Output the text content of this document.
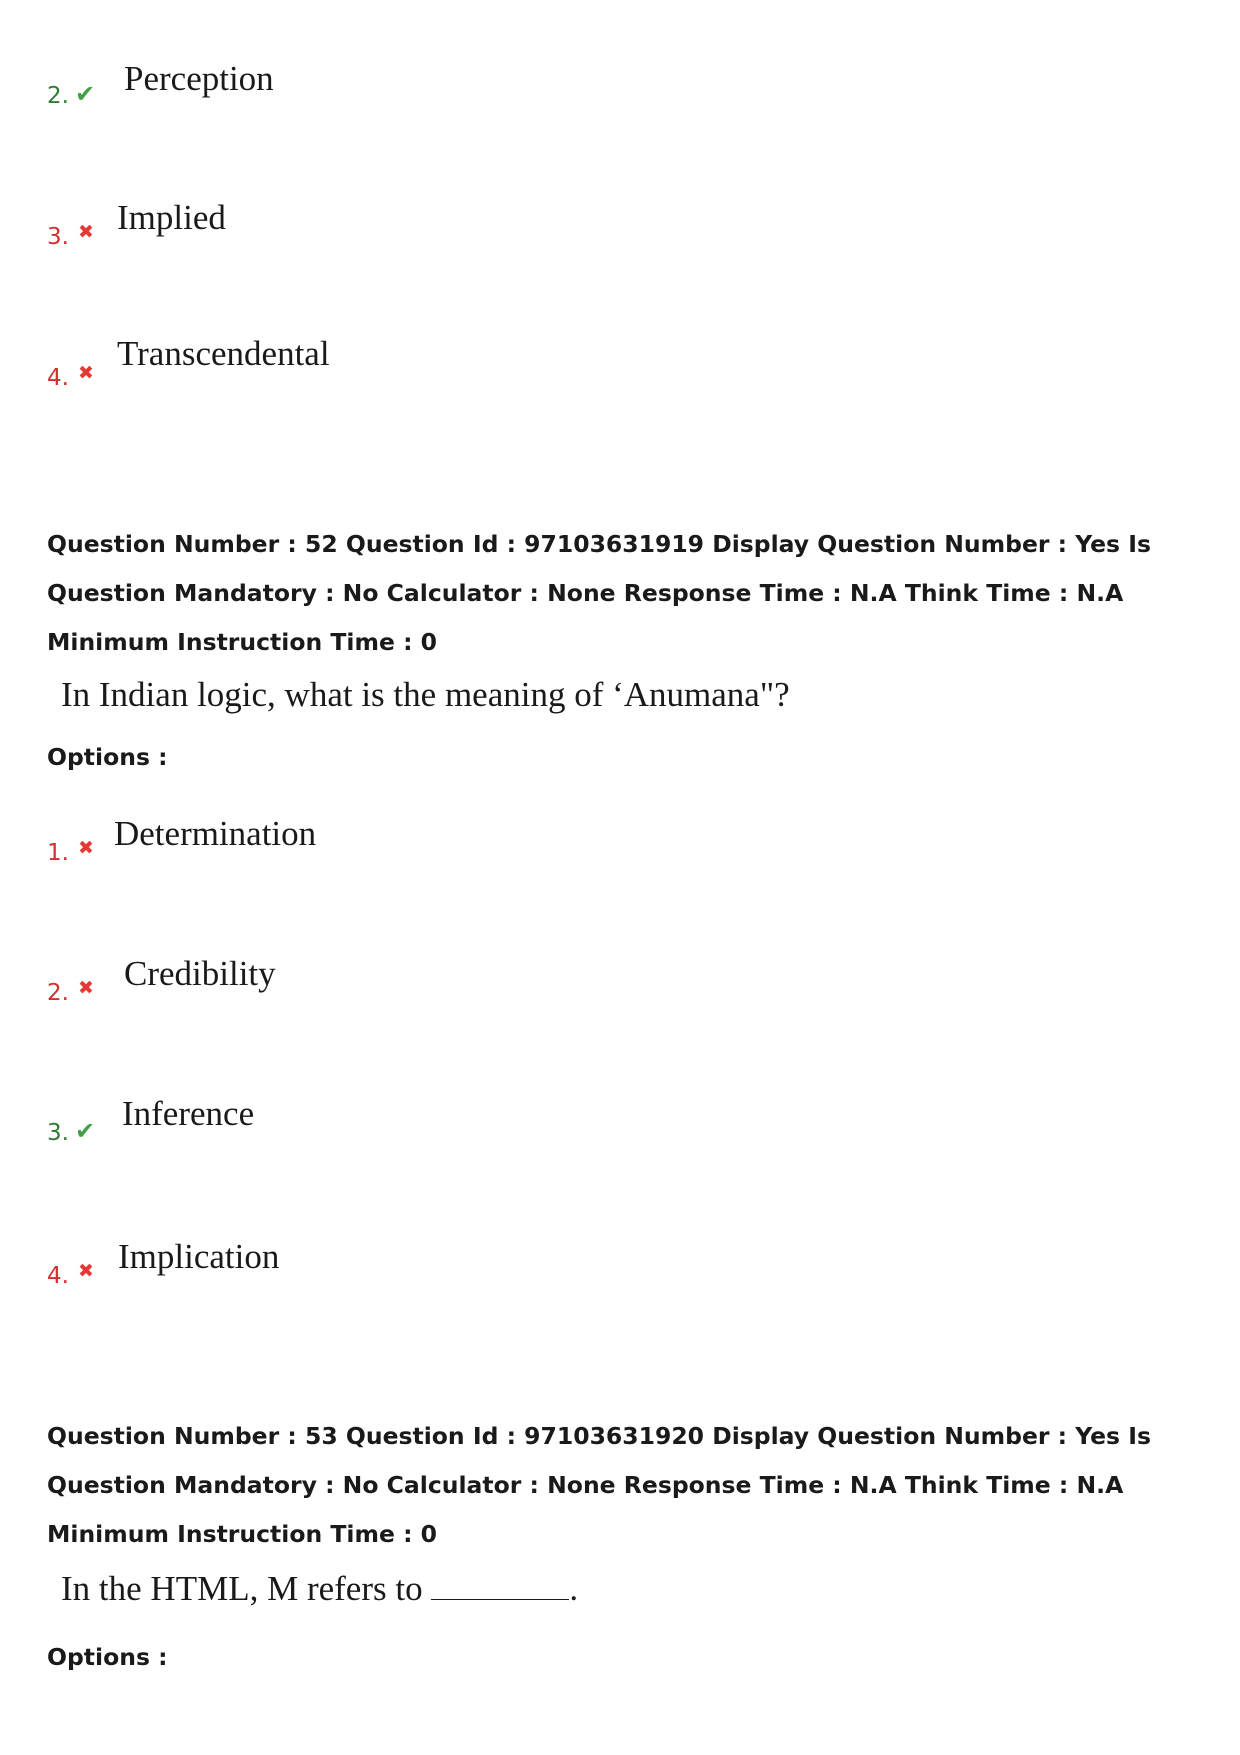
2. ✔ Perception
3. ✖ Implied
4. ✖ Transcendental
Question Number : 52 Question Id : 97103631919 Display Question Number : Yes Is Question Mandatory : No Calculator : None Response Time : N.A Think Time : N.A Minimum Instruction Time : 0
In Indian logic, what is the meaning of ‘Anumana"?
Options :
1. ✖ Determination
2. ✖ Credibility
3. ✔ Inference
4. ✖ Implication
Question Number : 53 Question Id : 97103631920 Display Question Number : Yes Is Question Mandatory : No Calculator : None Response Time : N.A Think Time : N.A Minimum Instruction Time : 0
In the HTML, M refers to	.
Options :
